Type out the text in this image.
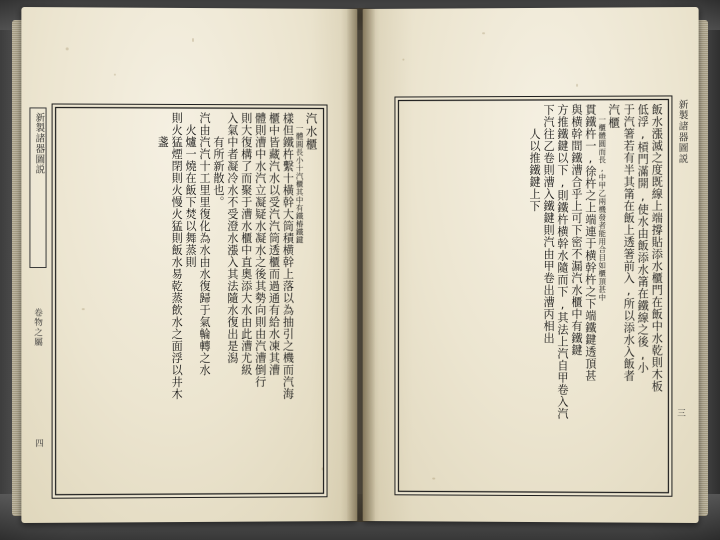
新製諸器圖説
卷物之屬
四
汽水櫃
一體圓長小十汽櫃其中有鐵椿鐵鍵
樣但鐵杵繫十橫幹大筒積横幹上落以為抽引之機而汽海
櫃中皆藏汽水以受汽汽筒透櫃而過通有給水凍其漕
體則漕中水汽立凝疑水凝水之後其勢向則由汽漕倒行
則大復構了而聚于漕水櫃中直奧添大水由此漕尤級
入氣中者凝冷水不受澄水漲入其法隨水復出是潟
有所新散也。
汽由汽汽十工里里復化為水由水復歸于氣輪轉之水
火爐一燒在飯下焚以舞蒸則
則火猛煙閉則火慢火猛則飯水易乾蒸飲水之面浮以井木
盞	新製諸器圖説
三
飯水漲滅之度既線上端撐貼添水櫃門在飯中水乾則木板
低浮,槓門滿開,使水由飯添水筩在鐵線之後,小
于汽箸若有半其筩在飯上透箸前入,所以添水入飯者
汽櫃
一櫃體圓而長,中甲乙兩機發者能用合目如櫃頂甚中
貫鐵杵一,徐杵之上端連于横幹杵之下端鐵鍵透頂甚
與横幹間鐵漕合乎上可下密不漏汽水櫃中有鐵鍵
方推鐵鍵以下,則鐵杵横幹水隨而下,其法上汽自甲卷入汽
下汽往乙卷則漕入鐵鍵則汽由甲卷出漕丙相出
人以推鐵鍵上下
